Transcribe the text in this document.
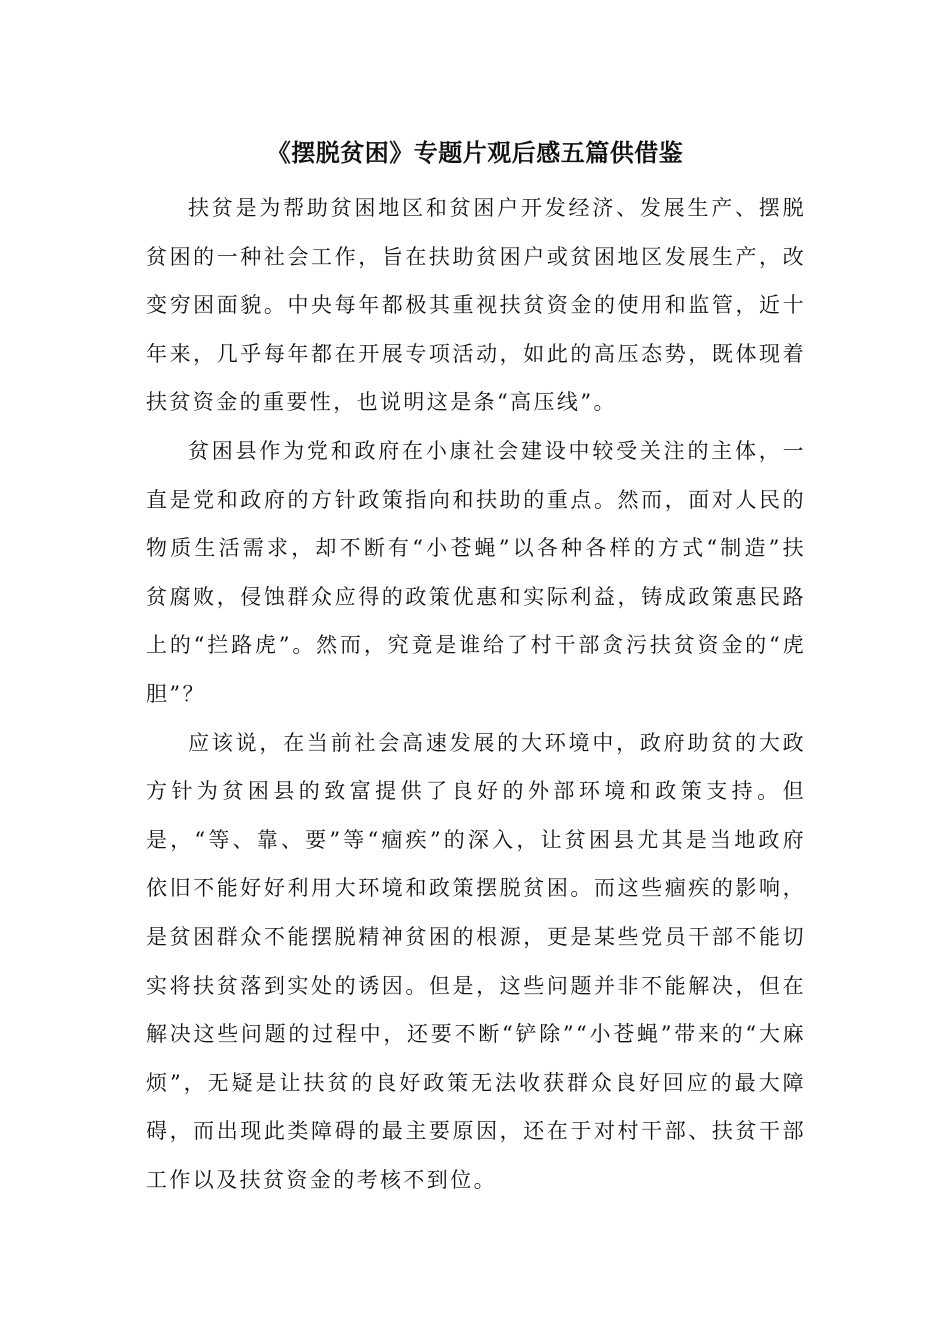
《摆脱贫困》专题片观后感五篇供借鉴

扶贫是为帮助贫困地区和贫困户开发经济、发展生产、摆脱贫困的一种社会工作，旨在扶助贫困户或贫困地区发展生产，改变穷困面貌。中央每年都极其重视扶贫资金的使用和监管，近十年来，几乎每年都在开展专项活动，如此的高压态势，既体现着扶贫资金的重要性，也说明这是条“高压线”。

贫困县作为党和政府在小康社会建设中较受关注的主体，一直是党和政府的方针政策指向和扶助的重点。然而，面对人民的物质生活需求，却不断有“小苍蝇”以各种各样的方式“制造”扶贫腐败，侵蚀群众应得的政策优惠和实际利益，铸成政策惠民路上的“拦路虎”。然而，究竟是谁给了村干部贪污扶贫资金的“虎胆”？

应该说，在当前社会高速发展的大环境中，政府助贫的大政方针为贫困县的致富提供了良好的外部环境和政策支持。但是，“等、靠、要”等“痼疾”的深入，让贫困县尤其是当地政府依旧不能好好利用大环境和政策摆脱贫困。而这些痼疾的影响，是贫困群众不能摆脱精神贫困的根源，更是某些党员干部不能切实将扶贫落到实处的诱因。但是，这些问题并非不能解决，但在解决这些问题的过程中，还要不断“铲除”“小苍蝇”带来的“大麻烦”，无疑是让扶贫的良好政策无法收获群众良好回应的最大障碍，而出现此类障碍的最主要原因，还在于对村干部、扶贫干部工作以及扶贫资金的考核不到位。
